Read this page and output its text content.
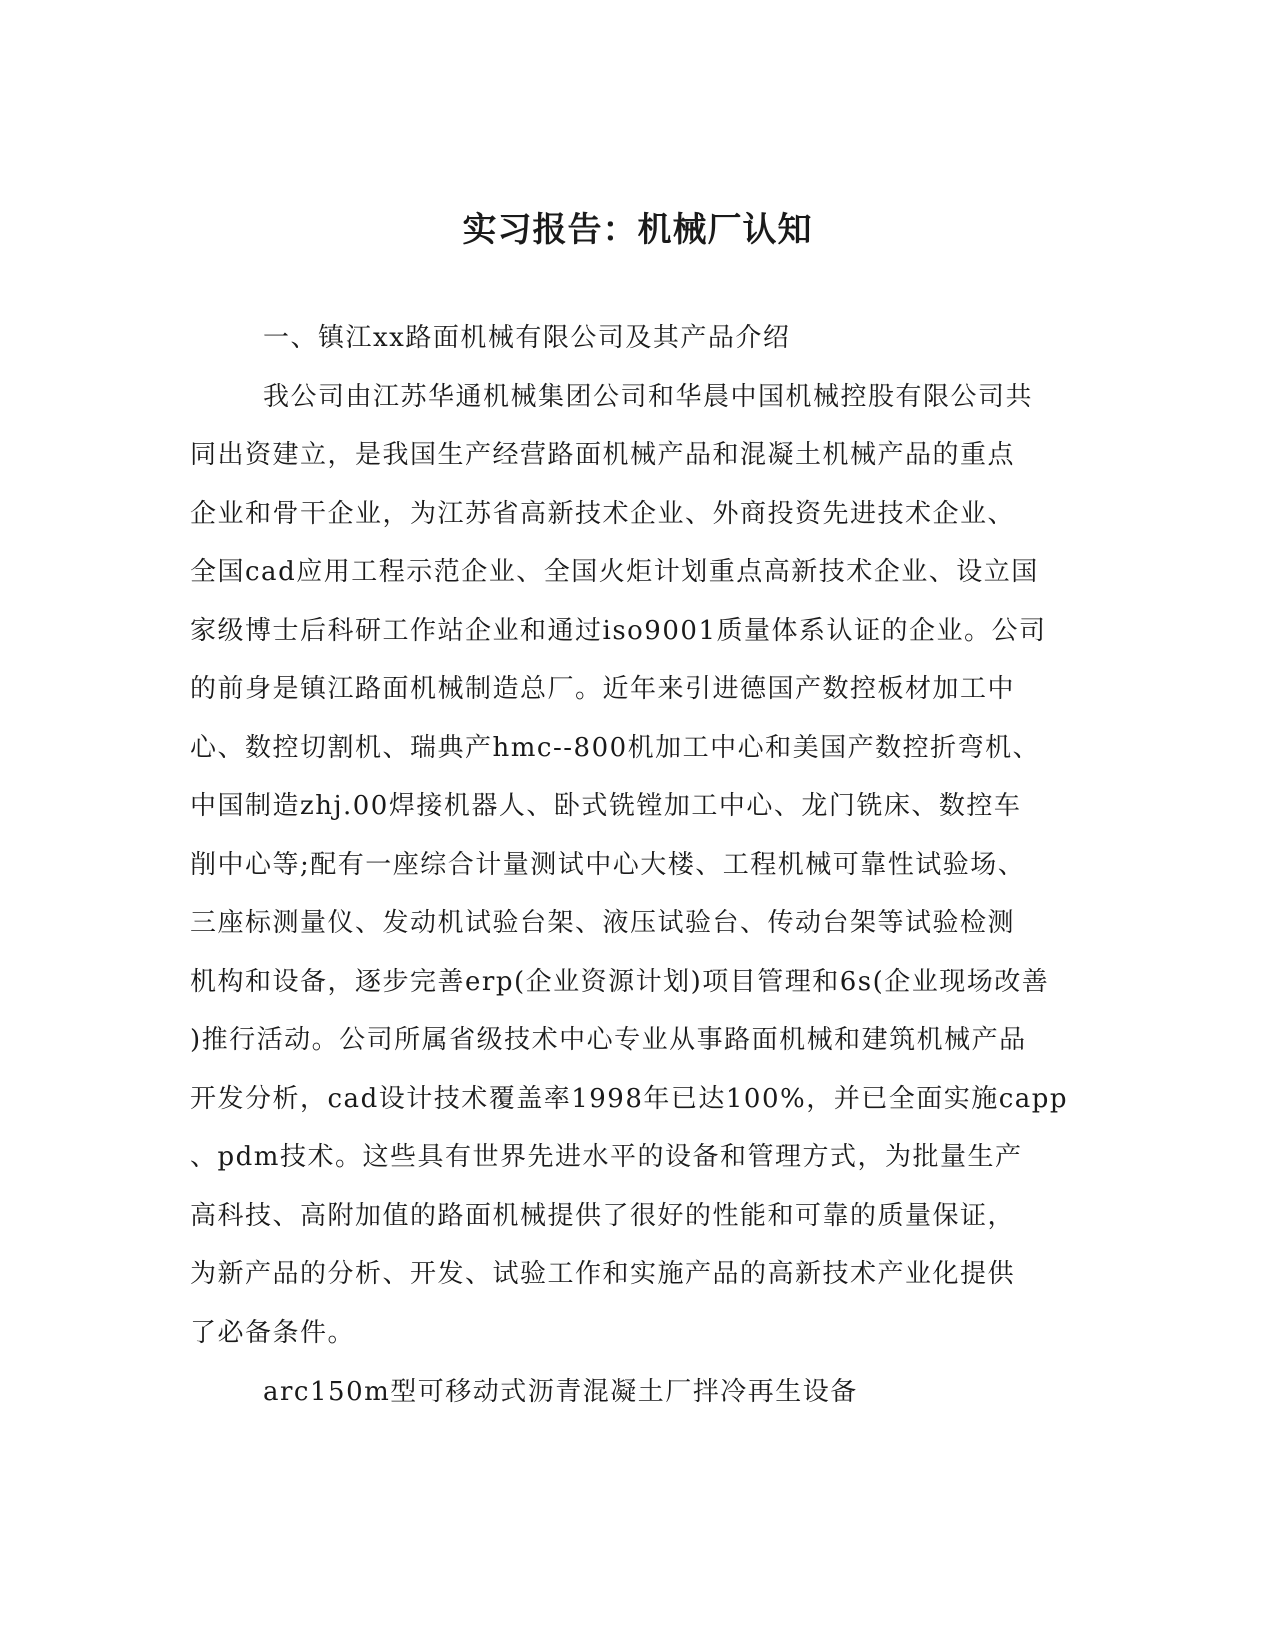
实习报告：机械厂认知

一、镇江xx路面机械有限公司及其产品介绍

我公司由江苏华通机械集团公司和华晨中国机械控股有限公司共

同出资建立，是我国生产经营路面机械产品和混凝土机械产品的重点

企业和骨干企业，为江苏省高新技术企业、外商投资先进技术企业、

全国cad应用工程示范企业、全国火炬计划重点高新技术企业、设立国

家级博士后科研工作站企业和通过iso9001质量体系认证的企业。公司

的前身是镇江路面机械制造总厂。近年来引进德国产数控板材加工中

心、数控切割机、瑞典产hmc--800机加工中心和美国产数控折弯机、

中国制造zhj.00焊接机器人、卧式铣镗加工中心、龙门铣床、数控车

削中心等;配有一座综合计量测试中心大楼、工程机械可靠性试验场、

三座标测量仪、发动机试验台架、液压试验台、传动台架等试验检测

机构和设备，逐步完善erp(企业资源计划)项目管理和6s(企业现场改善

)推行活动。公司所属省级技术中心专业从事路面机械和建筑机械产品

开发分析，cad设计技术覆盖率1998年已达100%，并已全面实施capp

、pdm技术。这些具有世界先进水平的设备和管理方式，为批量生产

高科技、高附加值的路面机械提供了很好的性能和可靠的质量保证，

为新产品的分析、开发、试验工作和实施产品的高新技术产业化提供

了必备条件。

arc150m型可移动式沥青混凝土厂拌冷再生设备
